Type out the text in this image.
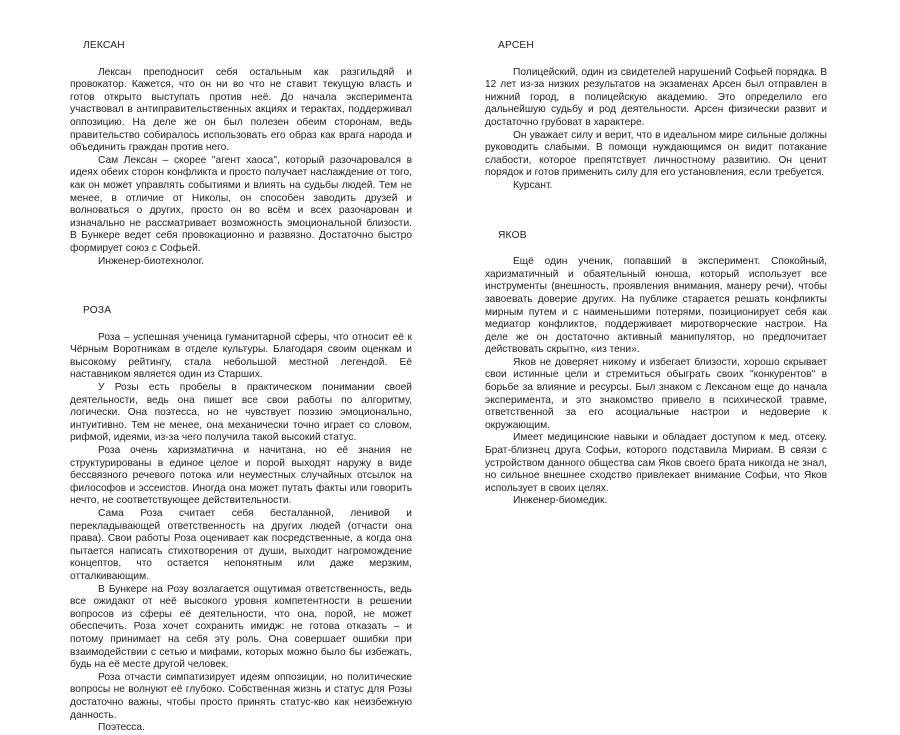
ЛЕКСАН

Лексан преподносит себя остальным как разгильдяй и провокатор. Кажется, что он ни во что не ставит текущую власть и готов открыто выступать против неё. До начала эксперимента участвовал в антиправительственных акциях и терактах, поддерживал оппозицию. На деле же он был полезен обеим сторонам, ведь правительство собиралось использовать его образ как врага народа и объединить граждан против него.

Сам Лексан – скорее "агент хаоса", который разочаровался в идеях обеих сторон конфликта и просто получает наслаждение от того, как он может управлять событиями и влиять на судьбы людей. Тем не менее, в отличие от Николы, он способен заводить друзей и волноваться о других, просто он во всём и всех разочарован и изначально не рассматривает возможность эмоциональной близости. В Бункере ведет себя провокационно и развязно. Достаточно быстро формирует союз с Софьей.

Инженер-биотехнолог.

РОЗА

Роза – успешная ученица гуманитарной сферы, что относит её к Чёрным Воротникам в отделе культуры. Благодаря своим оценкам и высокому рейтингу, стала небольшой местной легендой. Её наставником является один из Старших.

У Розы есть пробелы в практическом понимании своей деятельности, ведь она пишет все свои работы по алгоритму, логически. Она поэтесса, но не чувствует поэзию эмоционально, интуитивно. Тем не менее, она механически точно играет со словом, рифмой, идеями, из-за чего получила такой высокий статус.

Роза очень харизматична и начитана, но её знания не структурированы в единое целое и порой выходят наружу в виде бессвязного речевого потока или неуместных случайных отсылок на философов и эссеистов. Иногда она может путать факты или говорить нечто, не соответствующее действительности.

Сама Роза считает себя бесталанной, ленивой и перекладывающей ответственность на других людей (отчасти она права). Свои работы Роза оценивает как посредственные, а когда она пытается написать стихотворения от души, выходит нагромождение концептов, что остается непонятным или даже мерзким, отталкивающим.

В Бункере на Розу возлагается ощутимая ответственность, ведь все ожидают от неё высокого уровня компетентности в решении вопросов из сферы её деятельности, что она, порой, не может обеспечить. Роза хочет сохранить имидж: не готова отказать – и потому принимает на себя эту роль. Она совершает ошибки при взаимодействии с сетью и мифами, которых можно было бы избежать, будь на её месте другой человек.

Роза отчасти симпатизирует идеям оппозиции, но политические вопросы не волнуют её глубоко. Собственная жизнь и статус для Розы достаточно важны, чтобы просто принять статус-кво как неизбежную данность.

Поэтесса.

АРСЕН

Полицейский, один из свидетелей нарушений Софьей порядка. В 12 лет из-за низких результатов на экзаменах Арсен был отправлен в нижний город, в полицейскую академию. Это определило его дальнейшую судьбу и род деятельности. Арсен физически развит и достаточно грубоват в характере.

Он уважает силу и верит, что в идеальном мире сильные должны руководить слабыми. В помощи нуждающимся он видит потакание слабости, которое препятствует личностному развитию. Он ценит порядок и готов применить силу для его установления, если требуется.

Курсант.

ЯКОВ

Ещё один ученик, попавший в эксперимент. Спокойный, харизматичный и обаятельный юноша, который использует все инструменты (внешность, проявления внимания, манеру речи), чтобы завоевать доверие других. На публике старается решать конфликты мирным путем и с наименьшими потерями, позиционирует себя как медиатор конфликтов, поддерживает миротворческие настрои. На деле же он достаточно активный манипулятор, но предпочитает действовать скрытно, «из тени».

Яков не доверяет никому и избегает близости, хорошо скрывает свои истинные цели и стремиться обыграть своих "конкурентов" в борьбе за влияние и ресурсы. Был знаком с Лексаном еще до начала эксперимента, и это знакомство привело в психической травме, ответственной за его асоциальные настрои и недоверие к окружающим.

Имеет медицинские навыки и обладает доступом к мед. отсеку. Брат-близнец друга Софьи, которого подставила Мириам. В связи с устройством данного общества сам Яков своего брата никогда не знал, но сильное внешнее сходство привлекает внимание Софьи, что Яков использует в своих целях.

Инженер-биомедик.
